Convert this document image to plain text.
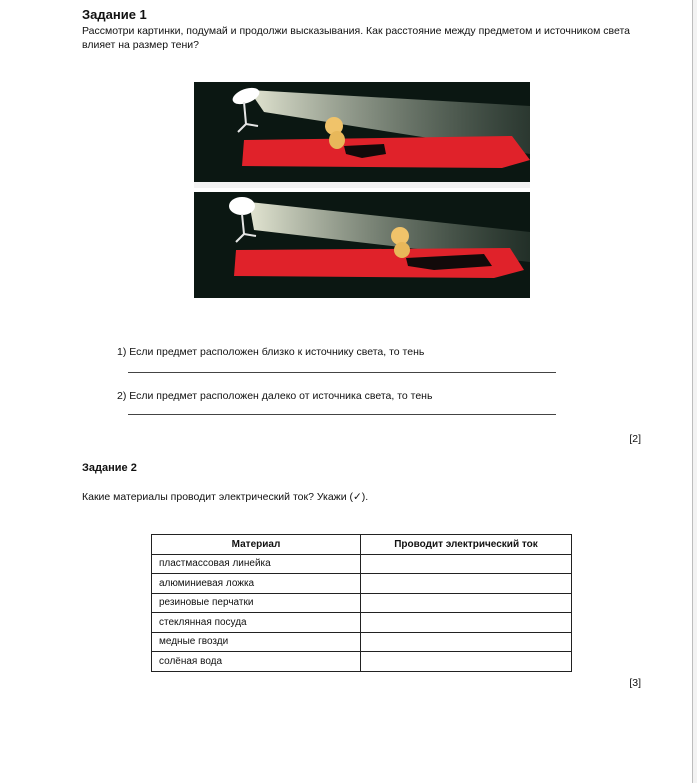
Задание 1
Рассмотри картинки, подумай и продолжи высказывания. Как расстояние между предметом и источником света влияет на размер тени?
1) Если предмет расположен близко к источнику света, то тень
2) Если предмет расположен далеко от источника света, то тень
[2]
Задание 2
Какие материалы проводит электрический ток? Укажи (✓).
Материал	Проводит электрический ток
пластмассовая линейка	
алюминиевая ложка	
резиновые перчатки	
стеклянная посуда	
медные гвозди	
солёная вода	
[3]
